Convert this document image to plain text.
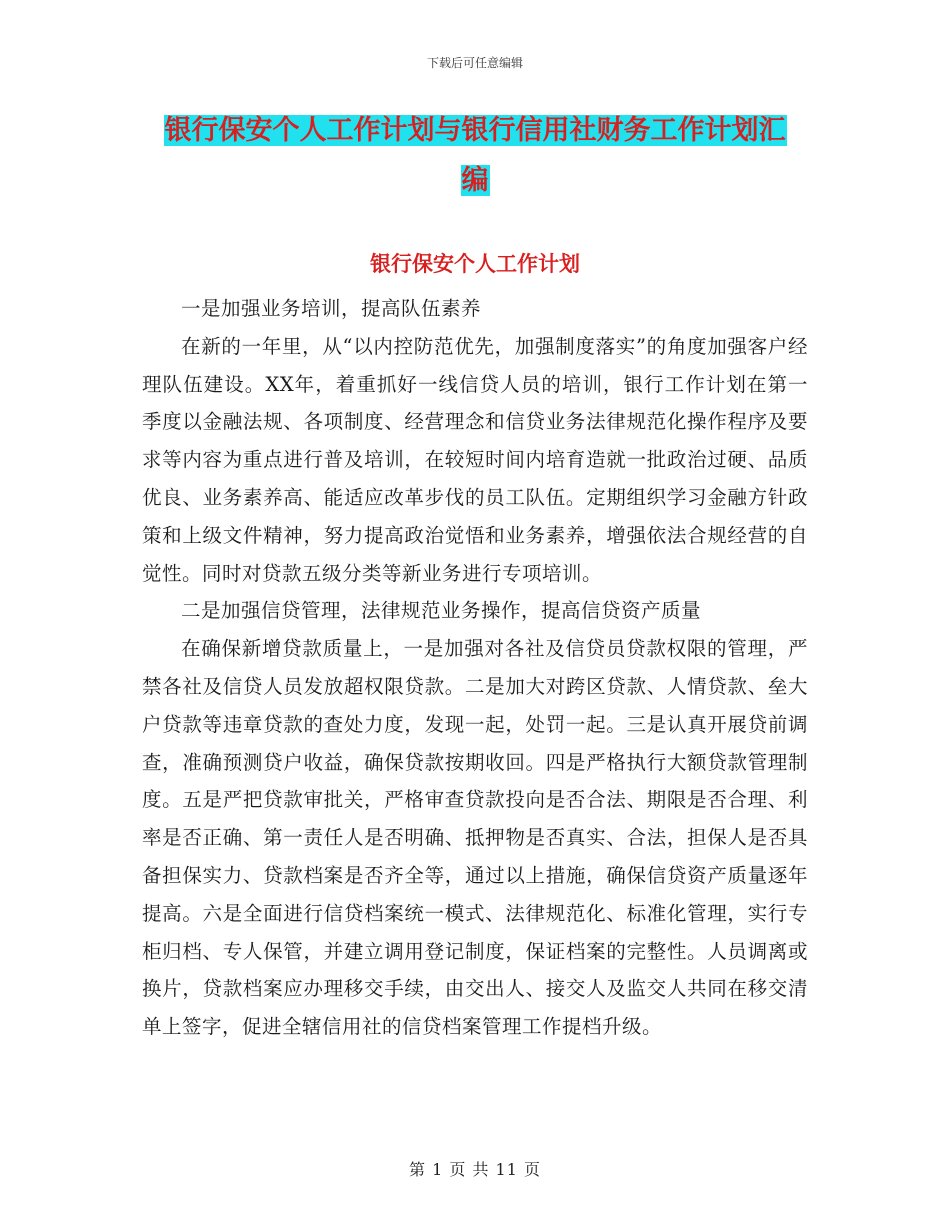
下载后可任意编辑
银行保安个人工作计划与银行信用社财务工作计划汇
编
银行保安个人工作计划

一是加强业务培训，提高队伍素养

在新的一年里，从“以内控防范优先，加强制度落实”的角度加强客户经理队伍建设。XX年，着重抓好一线信贷人员的培训，银行工作计划在第一季度以金融法规、各项制度、经营理念和信贷业务法律规范化操作程序及要求等内容为重点进行普及培训，在较短时间内培育造就一批政治过硬、品质优良、业务素养高、能适应改革步伐的员工队伍。定期组织学习金融方针政策和上级文件精神，努力提高政治觉悟和业务素养，增强依法合规经营的自觉性。同时对贷款五级分类等新业务进行专项培训。

二是加强信贷管理，法律规范业务操作，提高信贷资产质量

在确保新增贷款质量上，一是加强对各社及信贷员贷款权限的管理，严禁各社及信贷人员发放超权限贷款。二是加大对跨区贷款、人情贷款、垒大户贷款等违章贷款的查处力度，发现一起，处罚一起。三是认真开展贷前调查，准确预测贷户收益，确保贷款按期收回。四是严格执行大额贷款管理制度。五是严把贷款审批关，严格审查贷款投向是否合法、期限是否合理、利率是否正确、第一责任人是否明确、抵押物是否真实、合法，担保人是否具备担保实力、贷款档案是否齐全等，通过以上措施，确保信贷资产质量逐年提高。六是全面进行信贷档案统一模式、法律规范化、标准化管理，实行专柜归档、专人保管，并建立调用登记制度，保证档案的完整性。人员调离或换片，贷款档案应办理移交手续，由交出人、接交人及监交人共同在移交清单上签字，促进全辖信用社的信贷档案管理工作提档升级。

第 1 页 共 11 页
